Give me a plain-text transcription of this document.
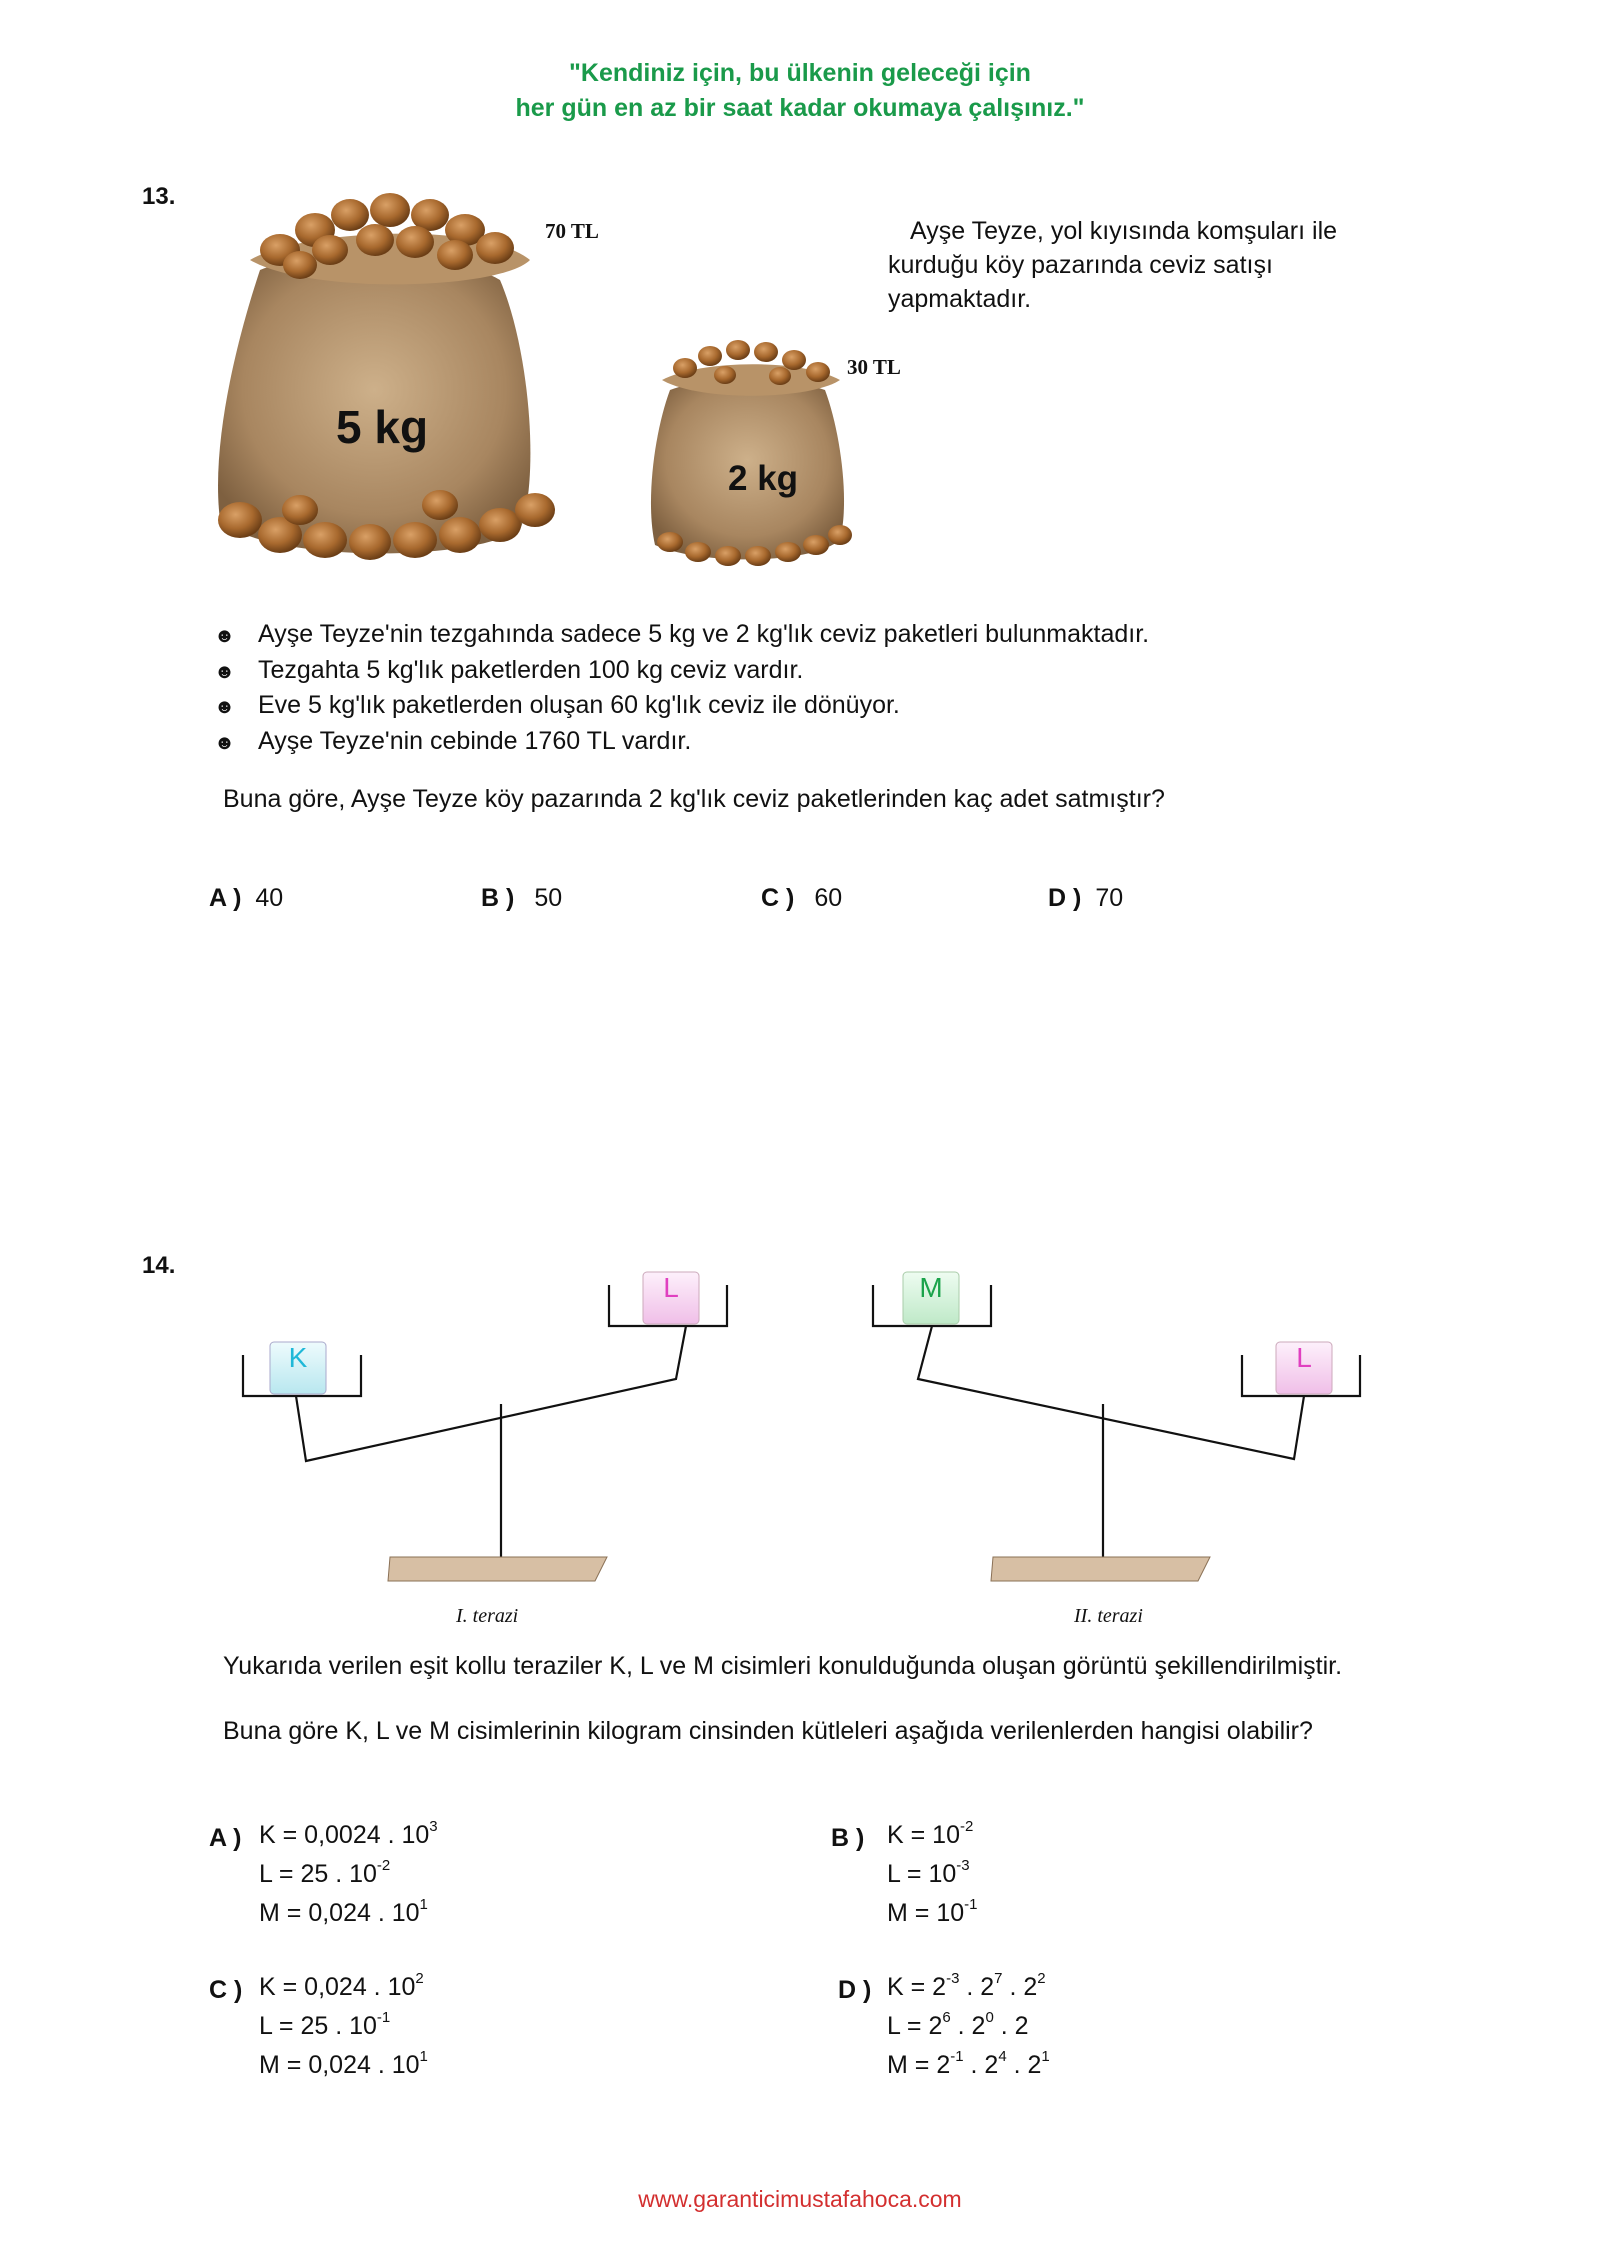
"Kendiniz için, bu ülkenin geleceği için
her gün en az bir saat kadar okumaya çalışınız."
13.
5 kg
2 kg
70 TL
30 TL
Ayşe Teyze, yol kıyısında komşuları ile
kurduğu köy pazarında ceviz satışı
yapmaktadır.
☻ Ayşe Teyze'nin tezgahında sadece 5 kg ve 2 kg'lık ceviz paketleri bulunmaktadır.
☻ Tezgahta 5 kg'lık paketlerden 100 kg ceviz vardır.
☻ Eve 5 kg'lık paketlerden oluşan 60 kg'lık ceviz ile dönüyor.
☻ Ayşe Teyze'nin cebinde 1760 TL vardır.
Buna göre, Ayşe Teyze köy pazarında 2 kg'lık ceviz paketlerinden kaç adet satmıştır?
A ) 40	B ) 50	C ) 60	D ) 70
14.
K
L	M
L
I. terazi	II. terazi
Yukarıda verilen eşit kollu teraziler K, L ve M cisimleri konulduğunda oluşan görüntü şekillendirilmiştir.
Buna göre K, L ve M cisimlerinin kilogram cinsinden kütleleri aşağıda verilenlerden hangisi olabilir?
A ) K = 0,0024 . $10^3$
L = 25 . $10^{-2}$
M = 0,024 . $10^1$
B ) $K = 10^{-2}$
$L = 10^{-3}$
$M = 10^{-1}$
C ) K = 0,024 . $10^2$
L = 25 . $10^{-1}$
M = 0,024 . $10^1$
D ) $K = 2^{-3}$ . $2^7$ . $2^2$
$L = 2^6$ . $2^0$ . 2
$M = 2^{-1}$ . $2^4$ . $2^1$
www.garanticimustafahoca.com
